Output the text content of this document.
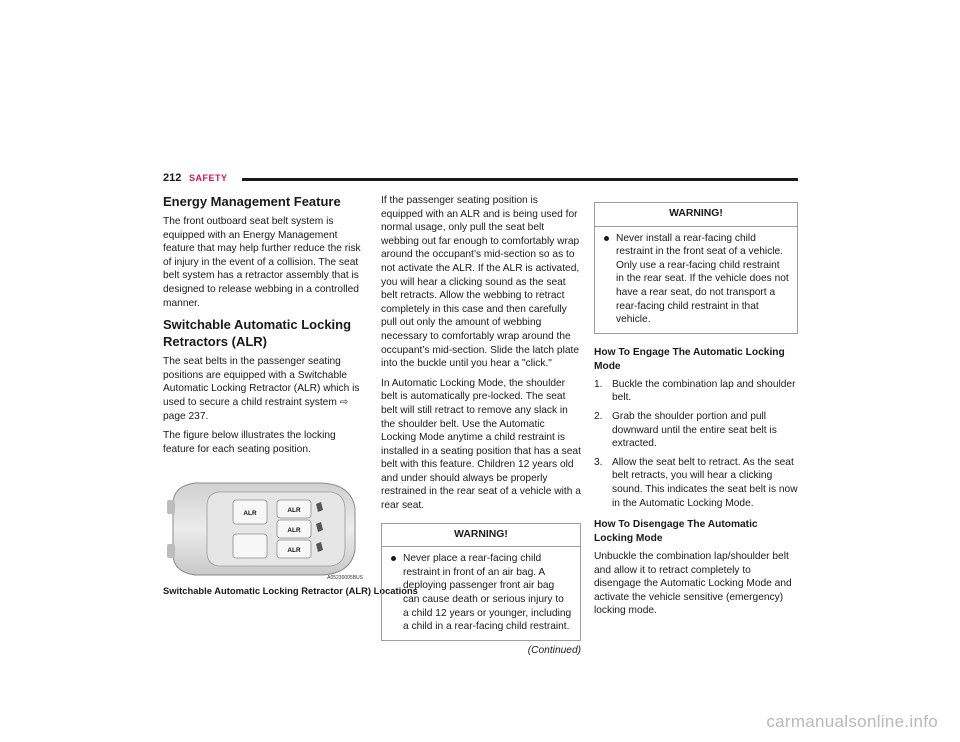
212 SAFETY
Energy Management Feature

The front outboard seat belt system is equipped with an Energy Management feature that may help further reduce the risk of injury in the event of a collision. The seat belt system has a retractor assembly that is designed to release webbing in a controlled manner.

Switchable Automatic Locking Retractors (ALR)

The seat belts in the passenger seating positions are equipped with a Switchable Automatic Locking Retractor (ALR) which is used to secure a child restraint system ⇨ page 237.

The figure below illustrates the locking feature for each seating position.

ALR	ALR
ALR
ALR
A05230005BUS
Switchable Automatic Locking Retractor (ALR) Locations

If the passenger seating position is equipped with an ALR and is being used for normal usage, only pull the seat belt webbing out far enough to comfortably wrap around the occupant’s mid-section so as to not activate the ALR. If the ALR is activated, you will hear a clicking sound as the seat belt retracts. Allow the webbing to retract completely in this case and then carefully pull out only the amount of webbing necessary to comfortably wrap around the occupant’s mid-section. Slide the latch plate into the buckle until you hear a "click."

In Automatic Locking Mode, the shoulder belt is automatically pre-locked. The seat belt will still retract to remove any slack in the shoulder belt. Use the Automatic Locking Mode anytime a child restraint is installed in a seating position that has a seat belt with this feature. Children 12 years old and under should always be properly restrained in the rear seat of a vehicle with a rear seat.

WARNING!
Never place a rear-facing child restraint in front of an air bag. A deploying passenger front air bag can cause death or serious injury to a child 12 years or younger, including a child in a rear-facing child restraint.
(Continued)
WARNING!
Never install a rear-facing child restraint in the front seat of a vehicle. Only use a rear-facing child restraint in the rear seat. If the vehicle does not have a rear seat, do not transport a rear-facing child restraint in that vehicle.
How To Engage The Automatic Locking Mode
1. Buckle the combination lap and shoulder belt.
2. Grab the shoulder portion and pull downward until the entire seat belt is extracted.
3. Allow the seat belt to retract. As the seat belt retracts, you will hear a clicking sound. This indicates the seat belt is now in the Automatic Locking Mode.
How To Disengage The Automatic Locking Mode

Unbuckle the combination lap/shoulder belt and allow it to retract completely to disengage the Automatic Locking Mode and activate the vehicle sensitive (emergency) locking mode.

carmanualsonline.info
